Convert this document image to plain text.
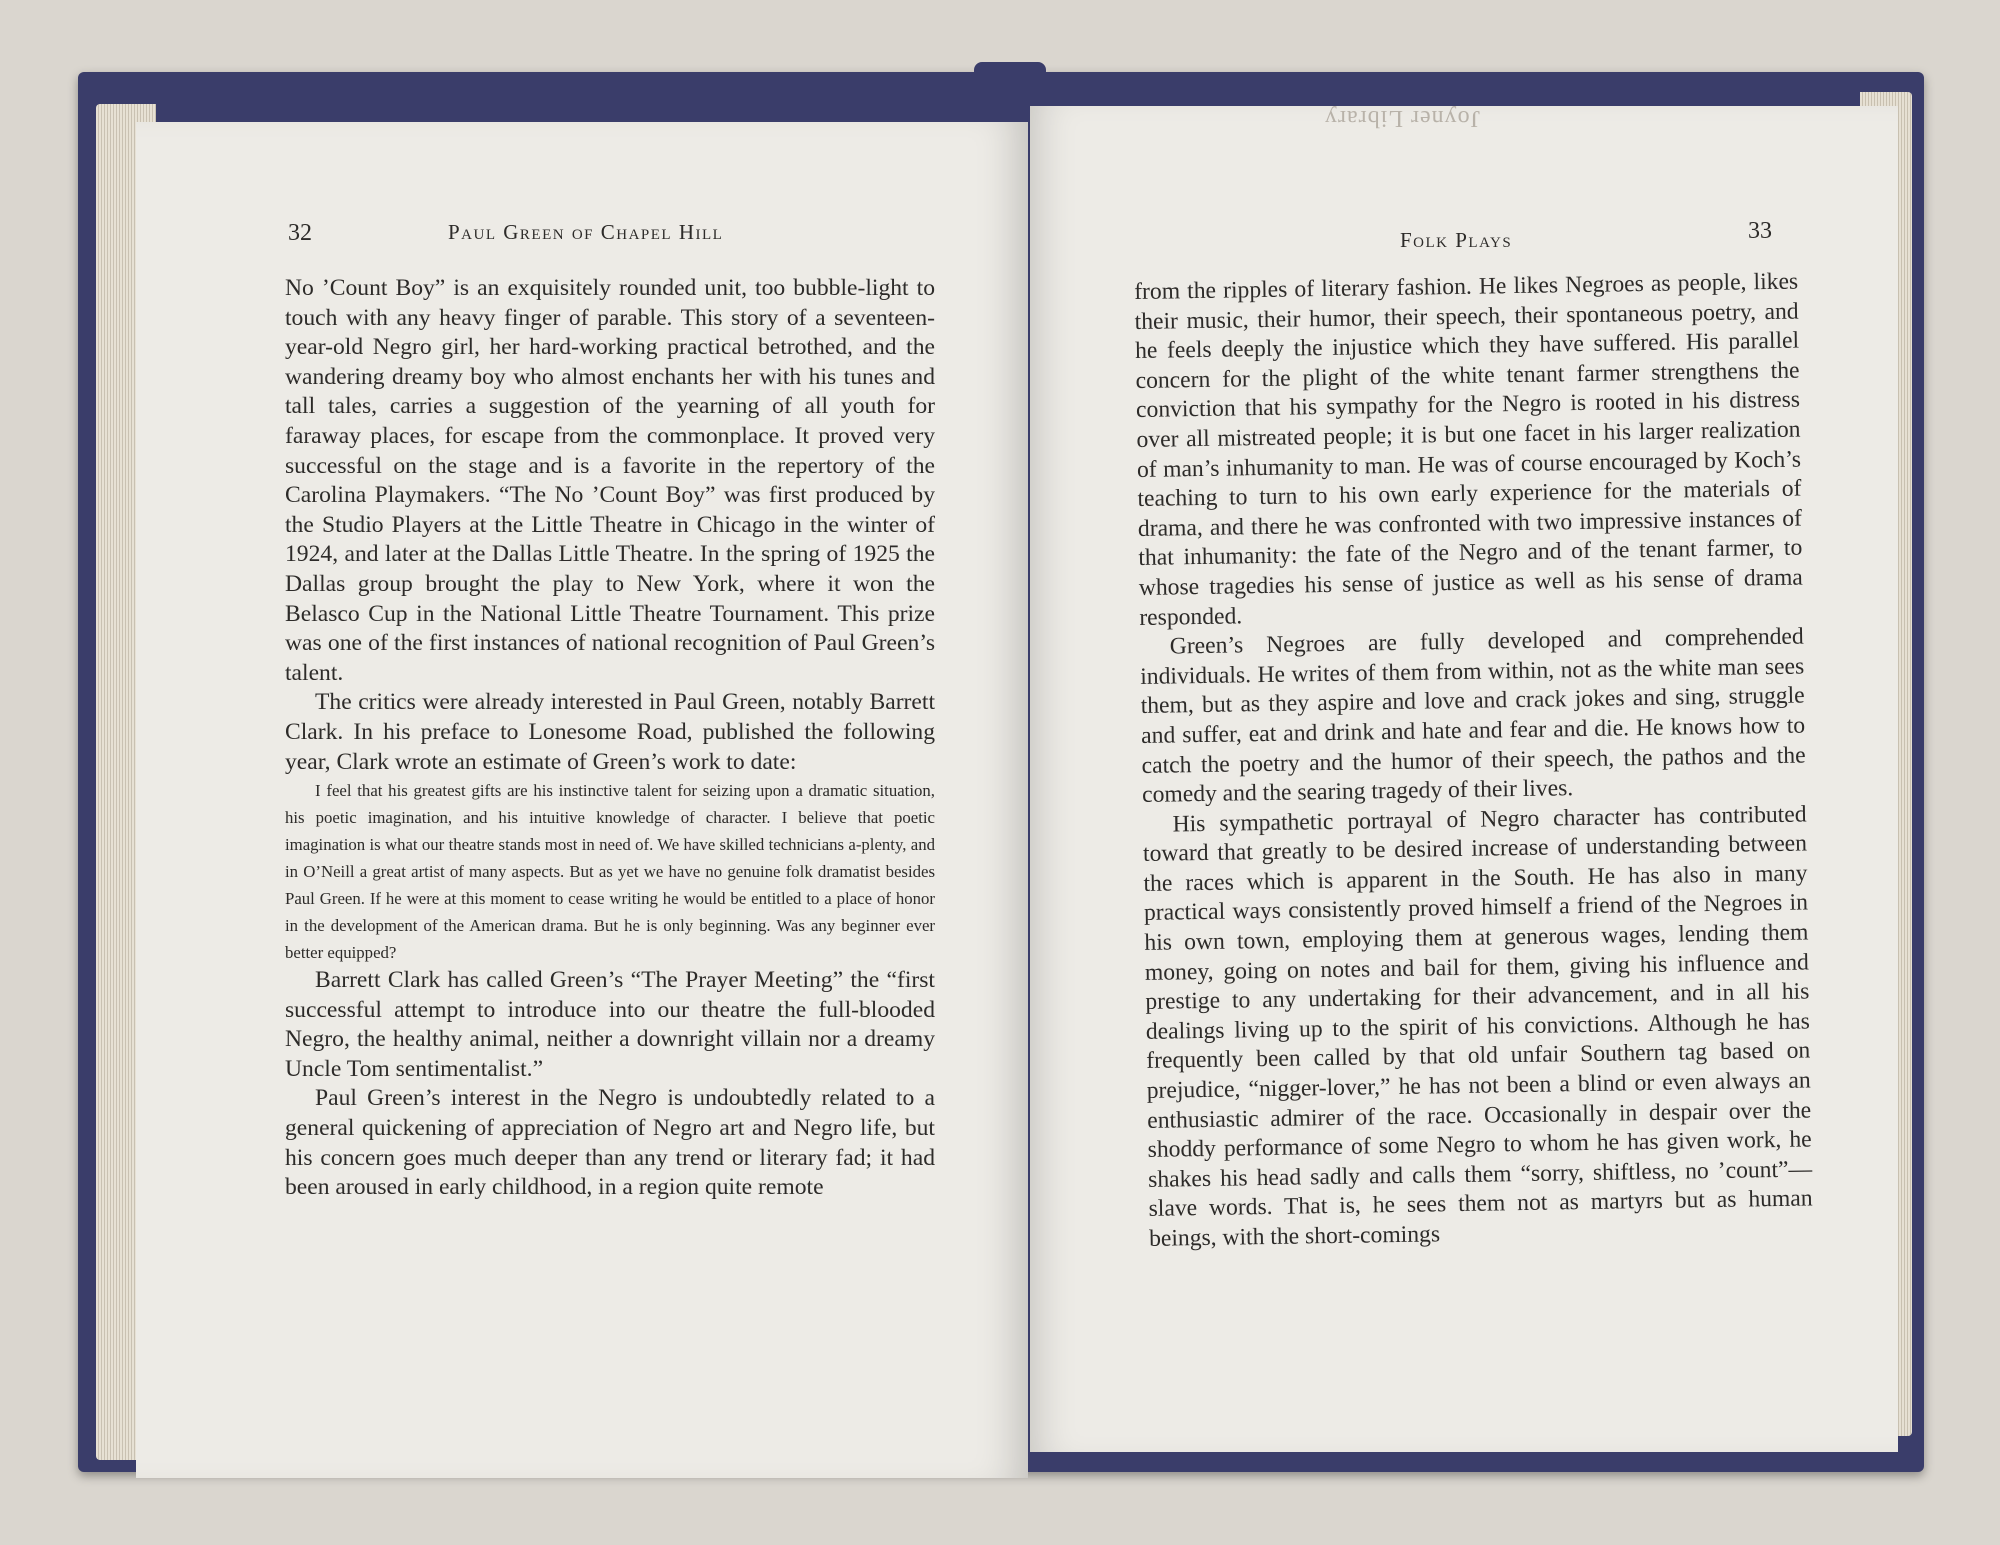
32	Paul Green of Chapel Hill

No ’Count Boy” is an exquisitely rounded unit, too bubble-light to touch with any heavy finger of parable. This story of a seventeen-year-old Negro girl, her hard-working practical betrothed, and the wandering dreamy boy who almost enchants her with his tunes and tall tales, carries a suggestion of the yearning of all youth for faraway places, for escape from the commonplace. It proved very successful on the stage and is a favorite in the repertory of the Carolina Playmakers. “The No ’Count Boy” was first produced by the Studio Players at the Little Theatre in Chicago in the winter of 1924, and later at the Dallas Little Theatre. In the spring of 1925 the Dallas group brought the play to New York, where it won the Belasco Cup in the National Little Theatre Tournament. This prize was one of the first instances of national recognition of Paul Green’s talent.

The critics were already interested in Paul Green, notably Barrett Clark. In his preface to Lonesome Road, published the following year, Clark wrote an estimate of Green’s work to date:

I feel that his greatest gifts are his instinctive talent for seizing upon a dramatic situation, his poetic imagination, and his intuitive knowledge of character. I believe that poetic imagination is what our theatre stands most in need of. We have skilled technicians a-plenty, and in O’Neill a great artist of many aspects. But as yet we have no genuine folk dramatist besides Paul Green. If he were at this moment to cease writing he would be entitled to a place of honor in the development of the American drama. But he is only beginning. Was any beginner ever better equipped?

Barrett Clark has called Green’s “The Prayer Meeting” the “first successful attempt to introduce into our theatre the full-blooded Negro, the healthy animal, neither a downright villain nor a dreamy Uncle Tom sentimentalist.”

Paul Green’s interest in the Negro is undoubtedly related to a general quickening of appreciation of Negro art and Negro life, but his concern goes much deeper than any trend or literary fad; it had been aroused in early childhood, in a region quite remote

Folk Plays	33

from the ripples of literary fashion. He likes Negroes as people, likes their music, their humor, their speech, their spontaneous poetry, and he feels deeply the injustice which they have suffered. His parallel concern for the plight of the white tenant farmer strengthens the conviction that his sympathy for the Negro is rooted in his distress over all mistreated people; it is but one facet in his larger realization of man’s inhumanity to man. He was of course encouraged by Koch’s teaching to turn to his own early experience for the materials of drama, and there he was confronted with two impressive instances of that inhumanity: the fate of the Negro and of the tenant farmer, to whose tragedies his sense of justice as well as his sense of drama responded.

Green’s Negroes are fully developed and comprehended individuals. He writes of them from within, not as the white man sees them, but as they aspire and love and crack jokes and sing, struggle and suffer, eat and drink and hate and fear and die. He knows how to catch the poetry and the humor of their speech, the pathos and the comedy and the searing tragedy of their lives.

His sympathetic portrayal of Negro character has contributed toward that greatly to be desired increase of understanding between the races which is apparent in the South. He has also in many practical ways consistently proved himself a friend of the Negroes in his own town, employing them at generous wages, lending them money, going on notes and bail for them, giving his influence and prestige to any undertaking for their advancement, and in all his dealings living up to the spirit of his convictions. Although he has frequently been called by that old unfair Southern tag based on prejudice, “nigger-lover,” he has not been a blind or even always an enthusiastic admirer of the race. Occasionally in despair over the shoddy performance of some Negro to whom he has given work, he shakes his head sadly and calls them “sorry, shiftless, no ’count”—slave words. That is, he sees them not as martyrs but as human beings, with the short-comings

Joyner Library
